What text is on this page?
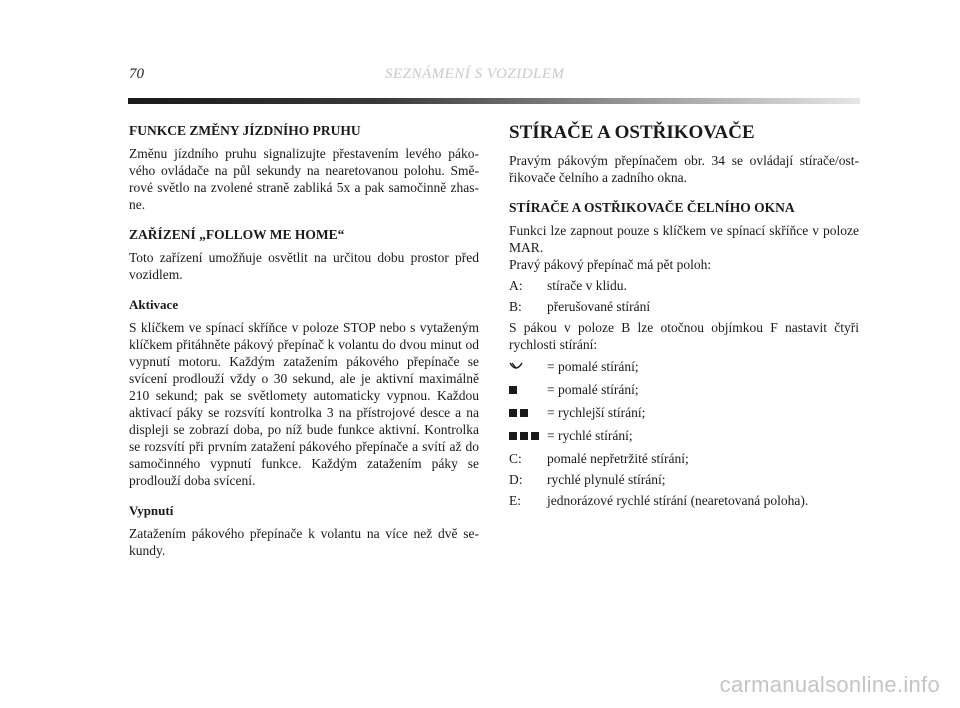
70	SEZNÁMENÍ S VOZIDLEM
FUNKCE ZMĚNY JÍZDNÍHO PRUHU

Změnu jízdního pruhu signalizujte přestavením levého pákového ovládače na půl sekundy na nearetovanou polohu. Směrové světlo na zvolené straně zabliká 5x a pak samočinně zhasne.

ZAŘÍZENÍ „FOLLOW ME HOME“

Toto zařízení umožňuje osvětlit na určitou dobu prostor před vozidlem.

Aktivace

S klíčkem ve spínací skříňce v poloze STOP nebo s vytaženým klíčkem přitáhněte pákový přepínač k volantu do dvou minut od vypnutí motoru. Každým zatažením pákového přepínače se svícení prodlouží vždy o 30 sekund, ale je aktivní maximálně 210 sekund; pak se světlomety automaticky vypnou. Každou aktivací páky se rozsvítí kontrolka 3 na přístrojové desce a na displeji se zobrazí doba, po níž bude funkce aktivní. Kontrolka se rozsvítí při prvním zatažení pákového přepínače a svítí až do samočinného vypnutí funkce. Každým zatažením páky se prodlouží doba svícení.

Vypnutí

Zatažením pákového přepínače k volantu na více než dvě sekundy.

STÍRAČE A OSTŘIKOVAČE

Pravým pákovým přepínačem obr. 34 se ovládají stírače/ostřikovače čelního a zadního okna.

STÍRAČE A OSTŘIKOVAČE ČELNÍHO OKNA

Funkci lze zapnout pouze s klíčkem ve spínací skříňce v poloze MAR.

Pravý pákový přepínač má pět poloh:

A:	stírače v klidu.
B:	přerušované stírání

S pákou v poloze B lze otočnou objímkou F nastavit čtyři rychlosti stírání:

= pomalé stírání;
= pomalé stírání;
= rychlejší stírání;
= rychlé stírání;
C:	pomalé nepřetržité stírání;
D:	rychlé plynulé stírání;
E:	jednorázové rychlé stírání (nearetovaná poloha).
carmanualsonline.info
